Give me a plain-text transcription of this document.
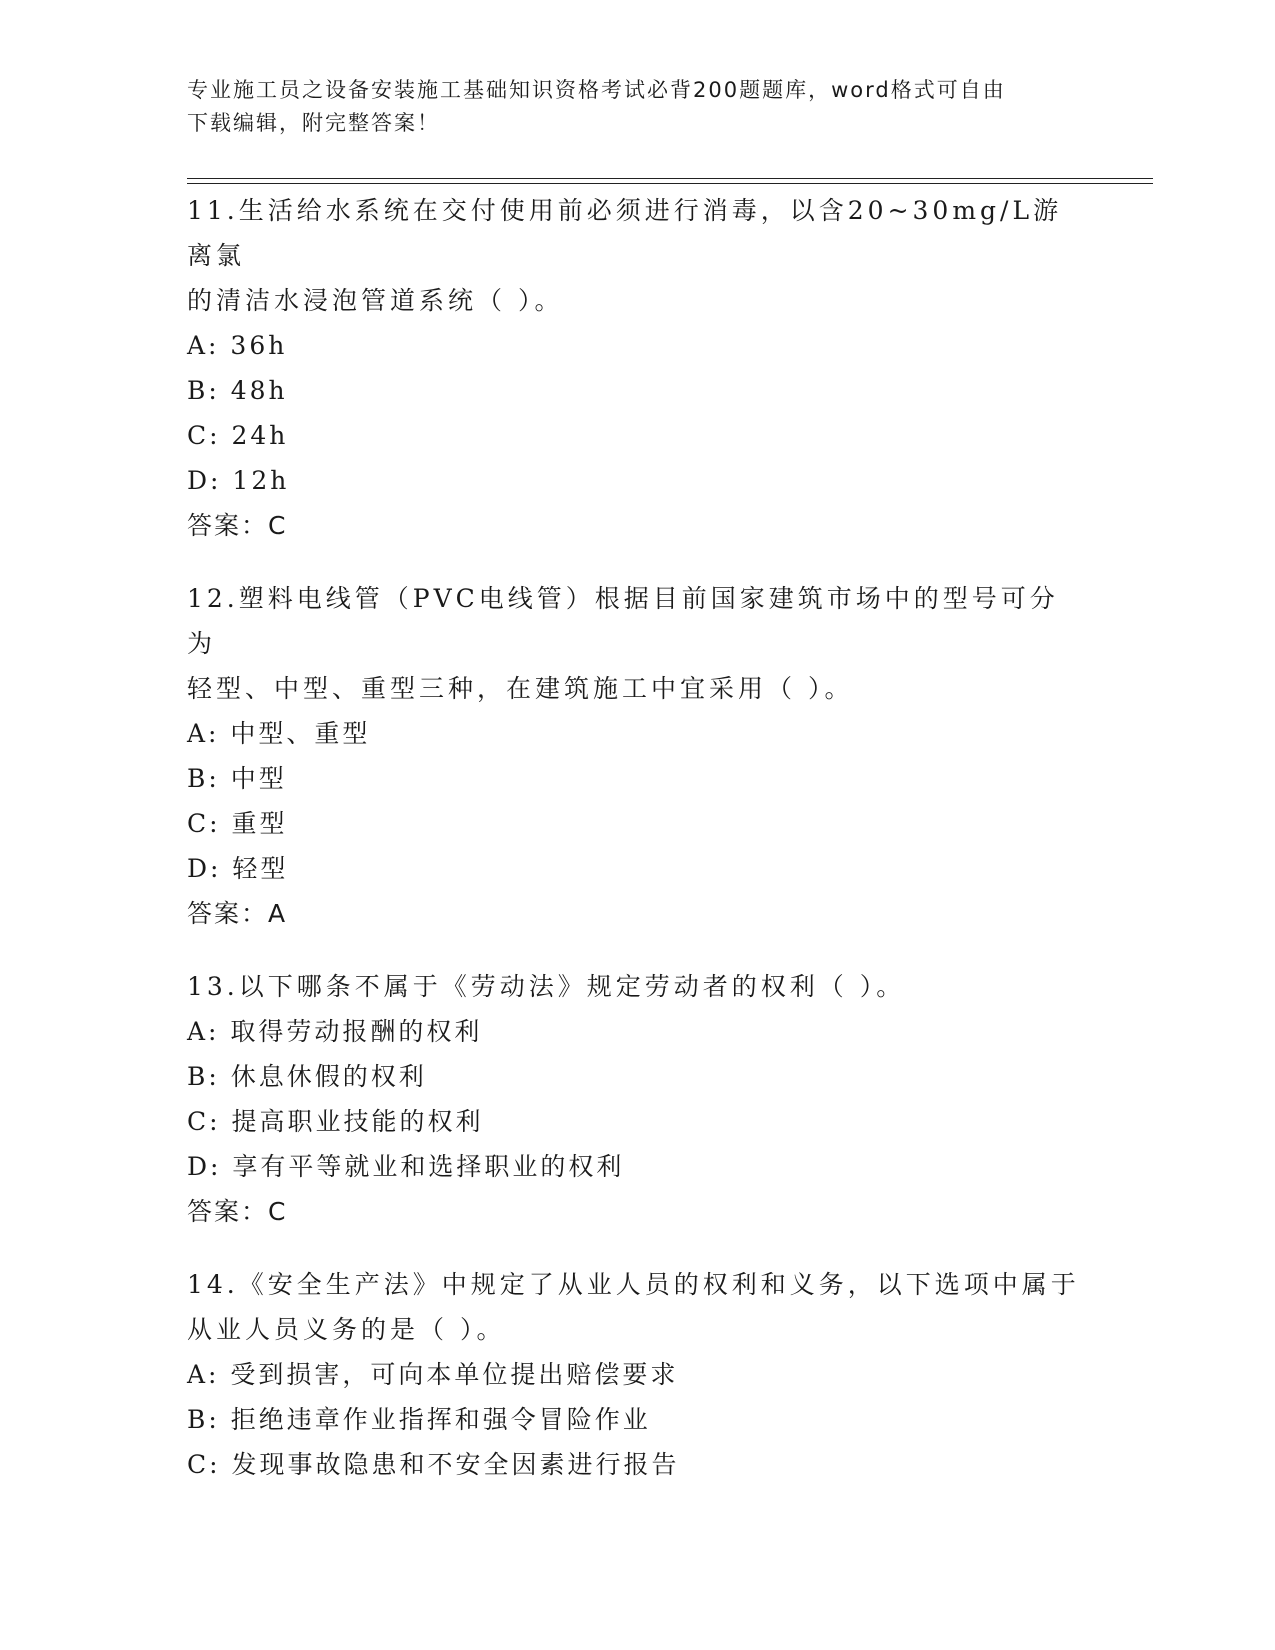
专业施工员之设备安装施工基础知识资格考试必背200题题库，word格式可自由
下载编辑，附完整答案！
11.生活给水系统在交付使用前必须进行消毒，以含20~30mg/L游离氯
的清洁水浸泡管道系统（ ）。
A: 36h
B: 48h
C: 24h
D: 12h
答案：C
12.塑料电线管（PVC电线管）根据目前国家建筑市场中的型号可分为
轻型、中型、重型三种，在建筑施工中宜采用（ ）。
A: 中型、重型
B: 中型
C: 重型
D: 轻型
答案：A
13.以下哪条不属于《劳动法》规定劳动者的权利（ ）。
A: 取得劳动报酬的权利
B: 休息休假的权利
C: 提高职业技能的权利
D: 享有平等就业和选择职业的权利
答案：C
14.《安全生产法》中规定了从业人员的权利和义务，以下选项中属于
从业人员义务的是（ ）。
A: 受到损害，可向本单位提出赔偿要求
B: 拒绝违章作业指挥和强令冒险作业
C: 发现事故隐患和不安全因素进行报告
